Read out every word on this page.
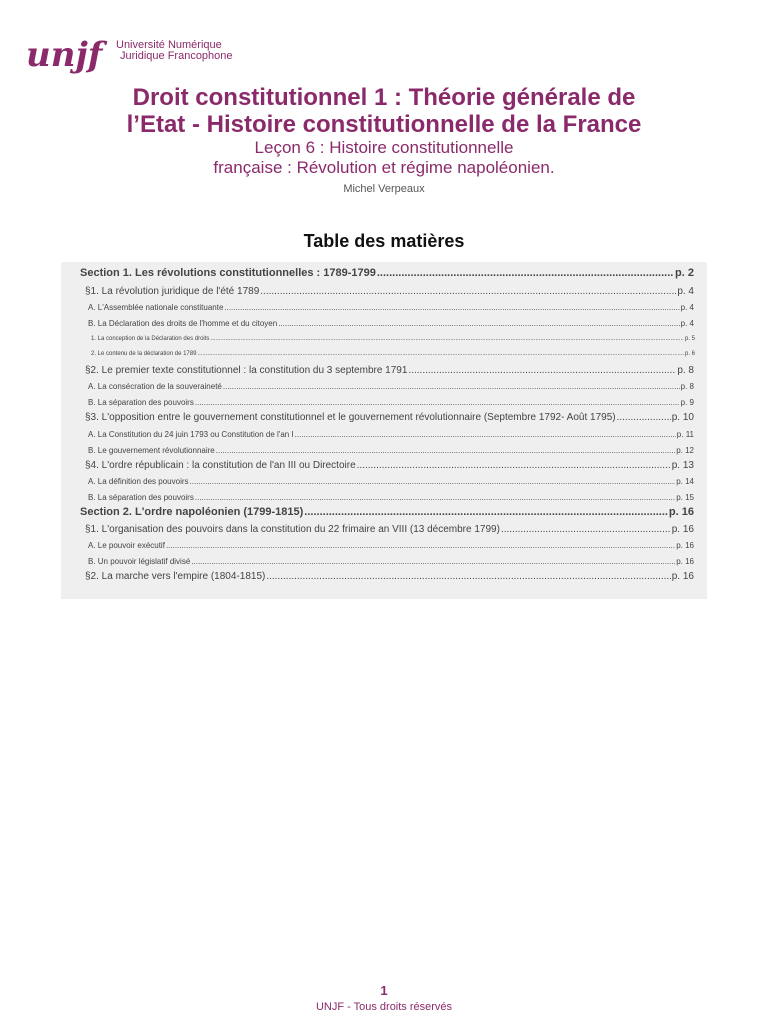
unjf	Université Numérique
Juridique Francophone
Droit constitutionnel 1 : Théorie générale de
l’Etat - Histoire constitutionnelle de la France
Leçon 6 : Histoire constitutionnelle
française : Révolution et régime napoléonien.
Michel Verpeaux
Table des matières
Section 1. Les révolutions constitutionnelles : 1789-1799 .....	p. 2
§1. La révolution juridique de l'été 1789 .....	p. 4
A. L'Assemblée nationale constituante .....	p. 4
B. La Déclaration des droits de l'homme et du citoyen .....	p. 4
1. La conception de la Déclaration des droits .....	p. 5
2. Le contenu de la déclaration de 1789 .....	p. 6
§2. Le premier texte constitutionnel : la constitution du 3 septembre 1791 .....	p. 8
A. La consécration de la souveraineté .....	p. 8
B. La séparation des pouvoirs .....	p. 9
§3. L'opposition entre le gouvernement constitutionnel et le gouvernement révolutionnaire (Septembre 1792- Août 1795) .....	p. 10
A. La Constitution du 24 juin 1793 ou Constitution de l'an I .....	p. 11
B. Le gouvernement révolutionnaire .....	p. 12
§4. L'ordre républicain : la constitution de l'an III ou Directoire .....	p. 13
A. La définition des pouvoirs .....	p. 14
B. La séparation des pouvoirs .....	p. 15
Section 2. L'ordre napoléonien (1799-1815) .....	p. 16
§1. L'organisation des pouvoirs dans la constitution du 22 frimaire an VIII (13 décembre 1799) .....	p. 16
A. Le pouvoir exécutif .....	p. 16
B. Un pouvoir législatif divisé .....	p. 16
§2. La marche vers l'empire (1804-1815) .....	p. 16
1
UNJF - Tous droits réservés
